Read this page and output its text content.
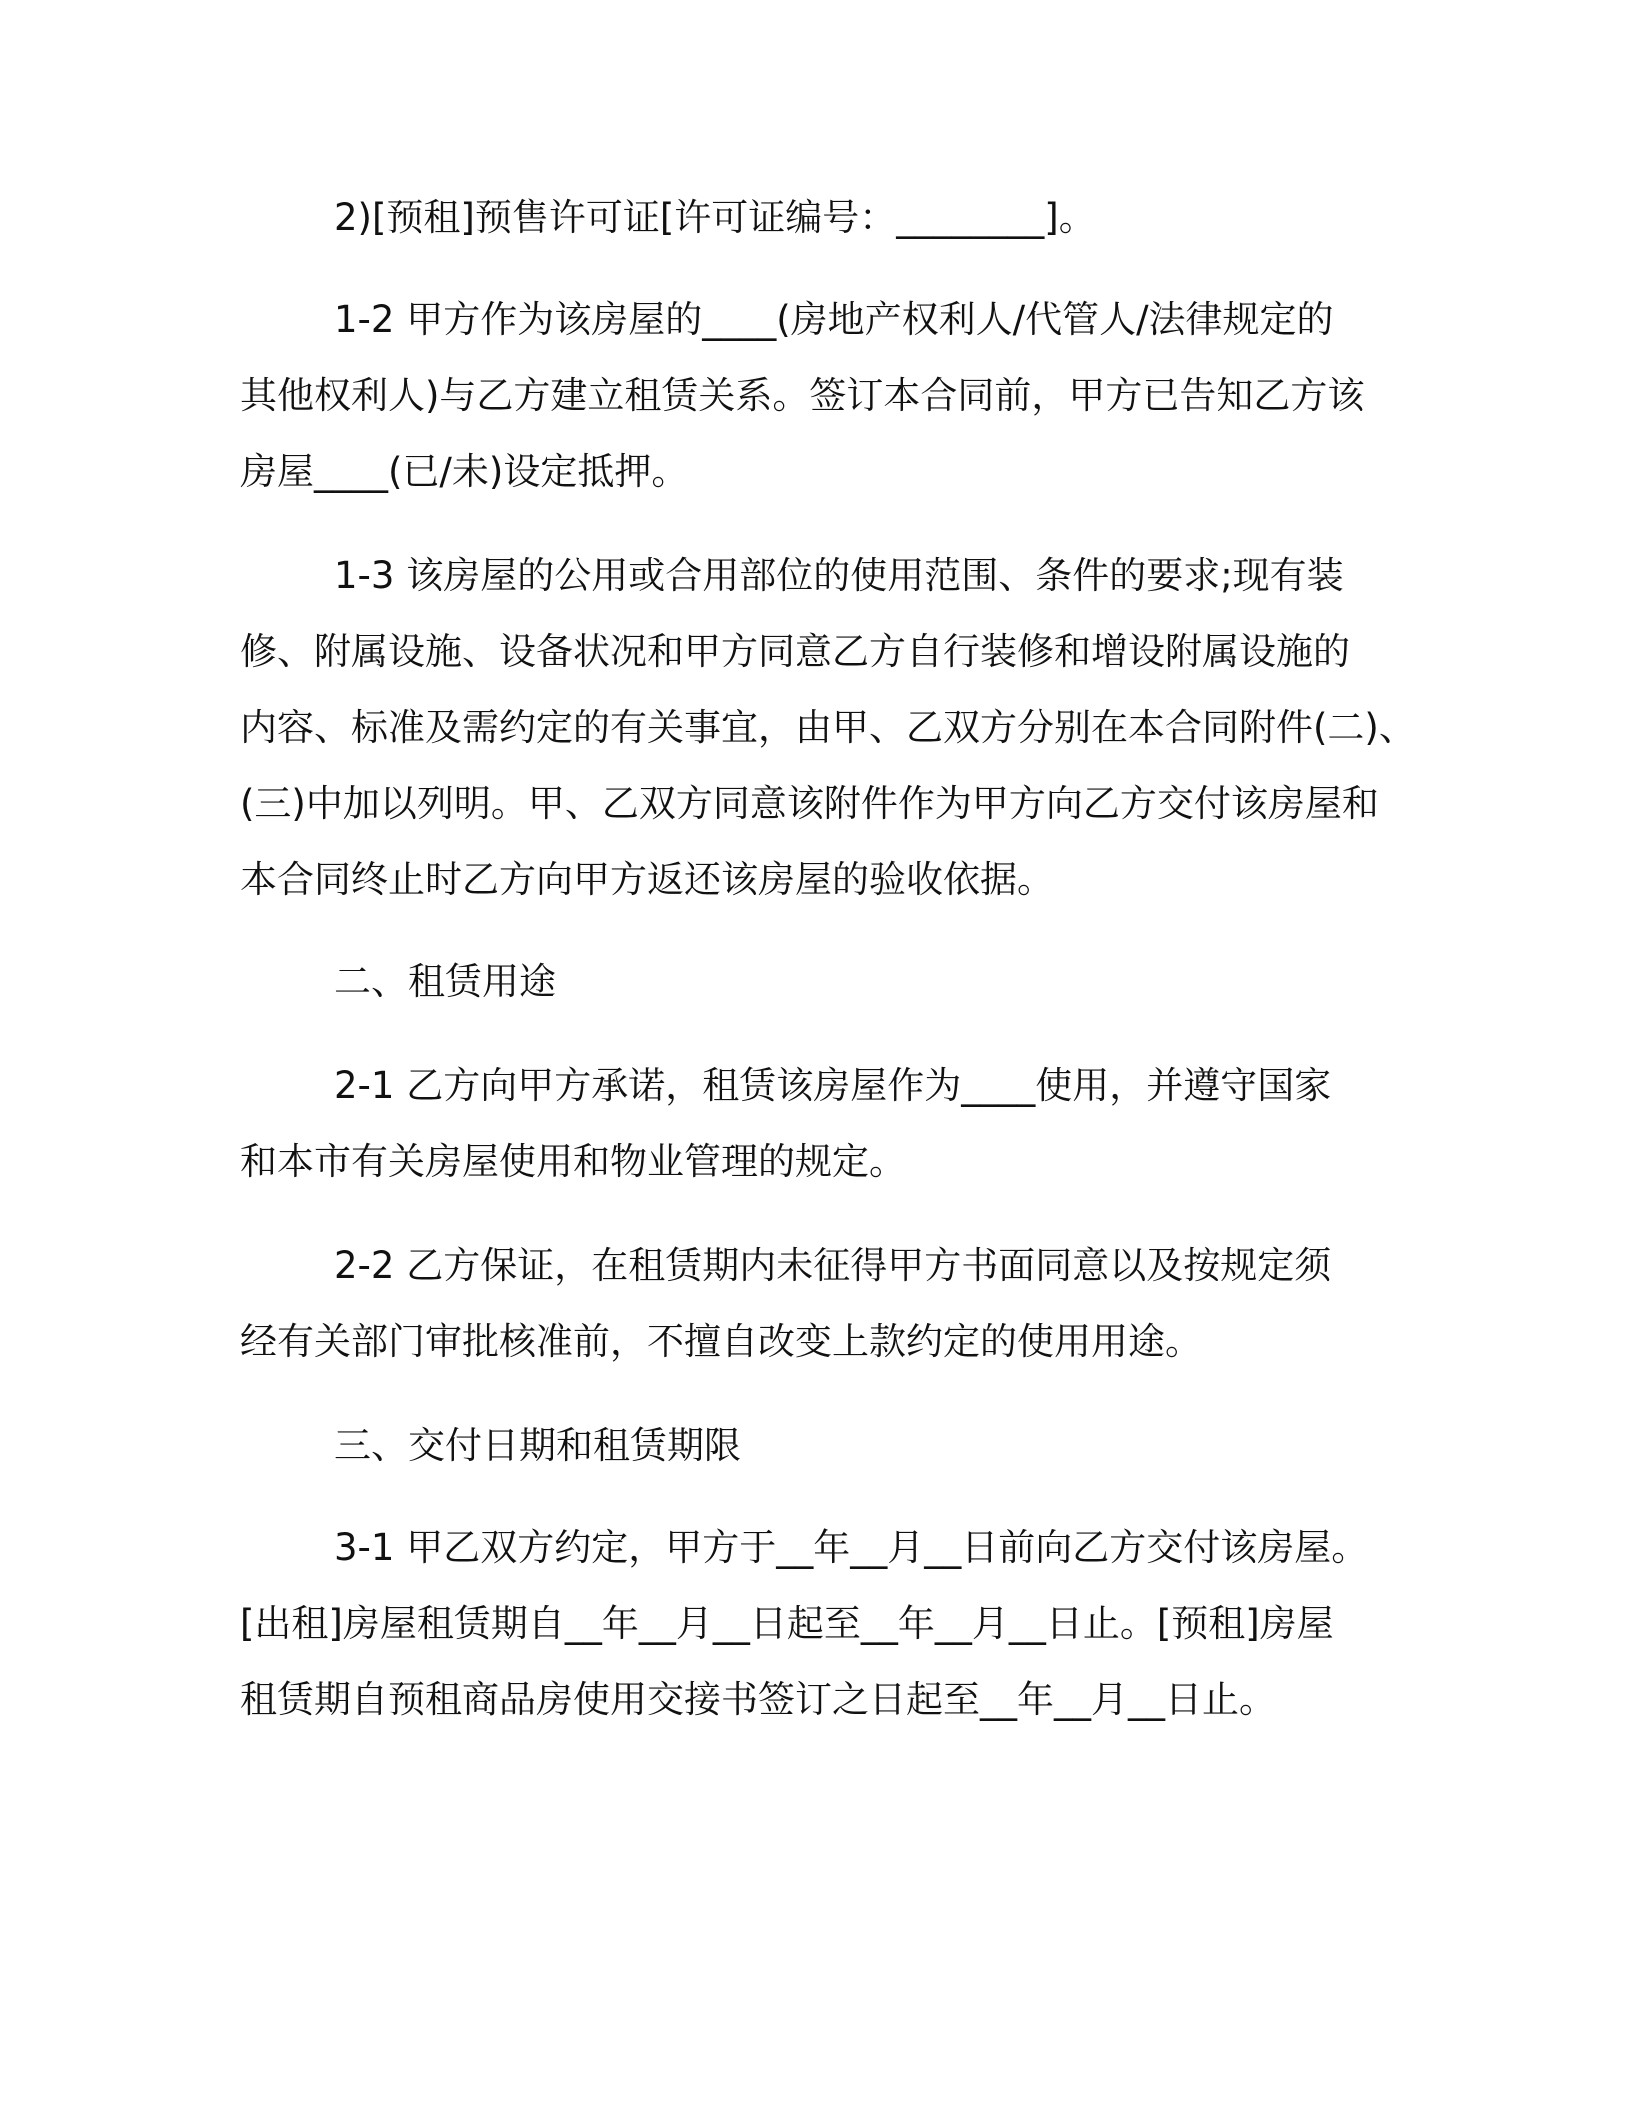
2)[预租]预售许可证[许可证编号：________]。
1-2 甲方作为该房屋的____(房地产权利人/代管人/法律规定的
其他权利人)与乙方建立租赁关系。签订本合同前，甲方已告知乙方该
房屋____(已/未)设定抵押。
1-3 该房屋的公用或合用部位的使用范围、条件的要求;现有装
修、附属设施、设备状况和甲方同意乙方自行装修和增设附属设施的
内容、标准及需约定的有关事宜，由甲、乙双方分别在本合同附件(二)、
(三)中加以列明。甲、乙双方同意该附件作为甲方向乙方交付该房屋和
本合同终止时乙方向甲方返还该房屋的验收依据。
二、租赁用途
2-1 乙方向甲方承诺，租赁该房屋作为____使用，并遵守国家
和本市有关房屋使用和物业管理的规定。
2-2 乙方保证，在租赁期内未征得甲方书面同意以及按规定须
经有关部门审批核准前，不擅自改变上款约定的使用用途。
三、交付日期和租赁期限
3-1 甲乙双方约定，甲方于__年__月__日前向乙方交付该房屋。
[出租]房屋租赁期自__年__月__日起至__年__月__日止。[预租]房屋
租赁期自预租商品房使用交接书签订之日起至__年__月__日止。
